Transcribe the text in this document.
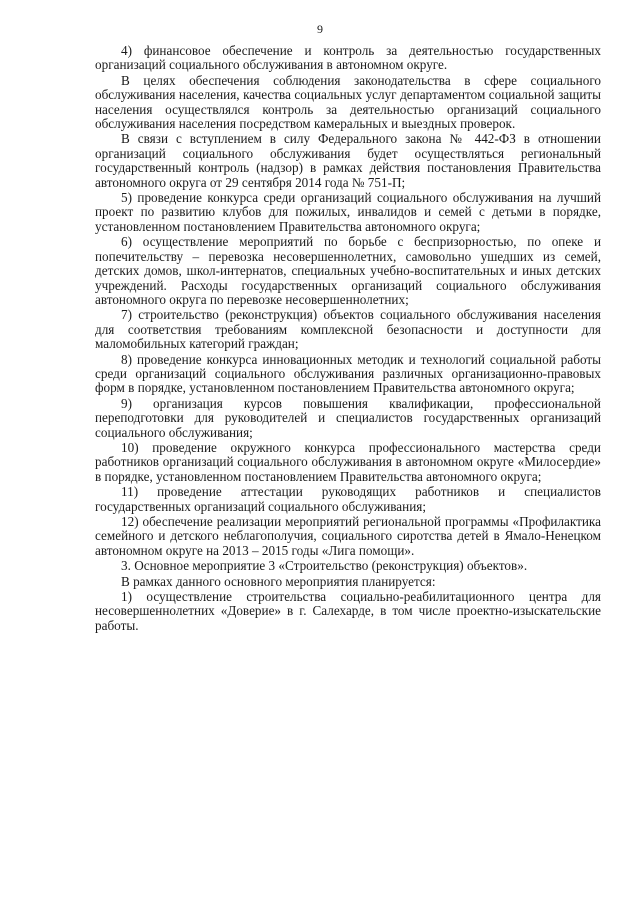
9

4) финансовое обеспечение и контроль за деятельностью государственных организаций социального обслуживания в автономном округе.

В целях обеспечения соблюдения законодательства в сфере социального обслуживания населения, качества социальных услуг департаментом социальной защиты населения осуществлялся контроль за деятельностью организаций социального обслуживания населения посредством камеральных и выездных проверок.

В связи с вступлением в силу Федерального закона № 442-ФЗ в отношении организаций социального обслуживания будет осуществляться региональный государственный контроль (надзор) в рамках действия постановления Правительства автономного округа от 29 сентября 2014 года № 751-П;

5) проведение конкурса среди организаций социального обслуживания на лучший проект по развитию клубов для пожилых, инвалидов и семей с детьми в порядке, установленном постановлением Правительства автономного округа;

6) осуществление мероприятий по борьбе с беспризорностью, по опеке и попечительству – перевозка несовершеннолетних, самовольно ушедших из семей, детских домов, школ-интернатов, специальных учебно-воспитательных и иных детских учреждений. Расходы государственных организаций социального обслуживания автономного округа по перевозке несовершеннолетних;

7) строительство (реконструкция) объектов социального обслуживания населения для соответствия требованиям комплексной безопасности и доступности для маломобильных категорий граждан;

8) проведение конкурса инновационных методик и технологий социальной работы среди организаций социального обслуживания различных организационно-правовых форм в порядке, установленном постановлением Правительства автономного округа;

9) организация курсов повышения квалификации, профессиональной переподготовки для руководителей и специалистов государственных организаций социального обслуживания;

10) проведение окружного конкурса профессионального мастерства среди работников организаций социального обслуживания в автономном округе «Милосердие» в порядке, установленном постановлением Правительства автономного округа;

11) проведение аттестации руководящих работников и специалистов государственных организаций социального обслуживания;

12) обеспечение реализации мероприятий региональной программы «Профилактика семейного и детского неблагополучия, социального сиротства детей в Ямало-Ненецком автономном округе на 2013 – 2015 годы «Лига помощи».

3. Основное мероприятие 3 «Строительство (реконструкция) объектов».

В рамках данного основного мероприятия планируется:

1) осуществление строительства социально-реабилитационного центра для несовершеннолетних «Доверие» в г. Салехарде, в том числе проектно-изыскательские работы.
